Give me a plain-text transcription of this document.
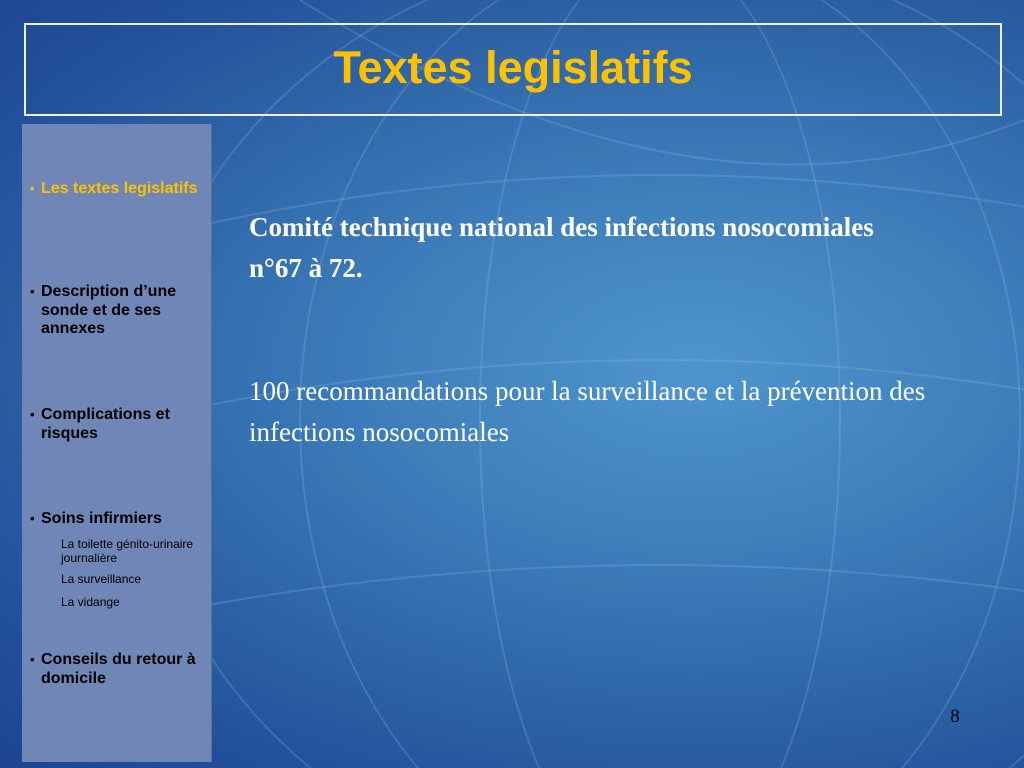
Textes legislatifs
• Les textes legislatifs
• Description d’une sonde et de ses annexes
• Complications et risques
• Soins infirmiers
La toilette génito-urinaire journalière
La surveillance
La vidange
• Conseils du retour à domicile
Comité technique national des infections nosocomiales n°67 à 72.
100 recommandations pour la surveillance et la prévention des infections nosocomiales
8
